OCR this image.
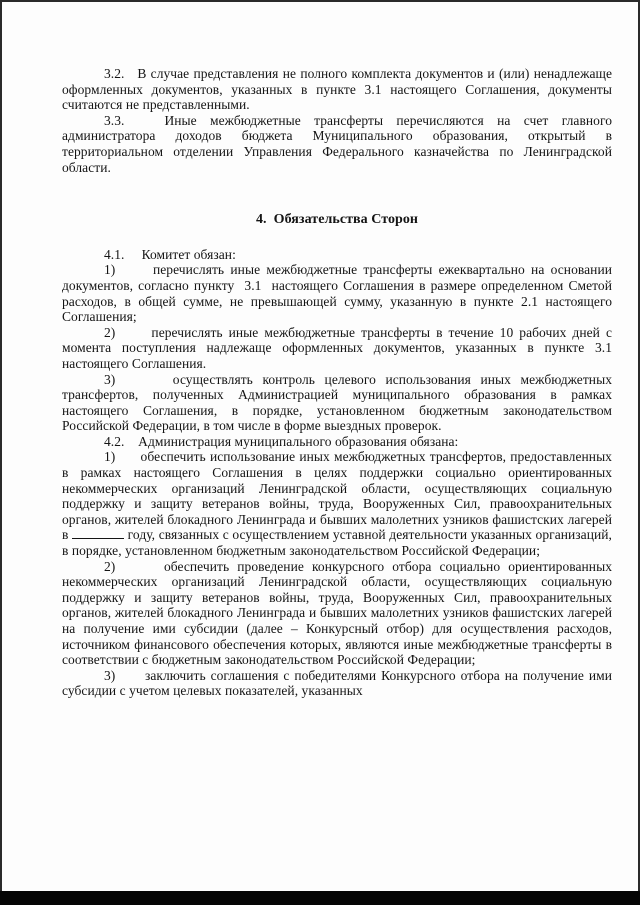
3.2.   В случае представления не полного комплекта документов и (или) ненадлежаще оформленных документов, указанных в пункте 3.1 настоящего Соглашения, документы считаются не представленными.

3.3.   Иные межбюджетные трансферты перечисляются на счет главного администратора доходов бюджета Муниципального образования, открытый в территориальном отделении Управления Федерального казначейства по Ленинградской области.

4.  Обязательства Сторон

4.1.     Комитет обязан:

1)      перечислять иные межбюджетные трансферты ежеквартально на основании документов, согласно пункту  3.1  настоящего Соглашения в размере определенном Сметой расходов, в общей сумме, не превышающей сумму, указанную в пункте 2.1 настоящего Соглашения;

2)      перечислять иные межбюджетные трансферты в течение 10 рабочих дней с момента поступления надлежаще оформленных документов, указанных в пункте 3.1 настоящего Соглашения.

3)      осуществлять контроль целевого использования иных межбюджетных трансфертов, полученных Администрацией муниципального образования в рамках настоящего Соглашения, в порядке, установленном бюджетным законодательством Российской Федерации, в том числе в форме выездных проверок.

4.2.    Администрация муниципального образования обязана:

1)      обеспечить использование иных межбюджетных трансфертов, предоставленных в рамках настоящего Соглашения в целях поддержки социально ориентированных некоммерческих организаций Ленинградской области, осуществляющих социальную поддержку и защиту ветеранов войны, труда, Вооруженных Сил, правоохранительных органов, жителей блокадного Ленинграда и бывших малолетних узников фашистских лагерей в	году, связанных с осуществлением уставной деятельности указанных организаций, в порядке, установленном бюджетным законодательством Российской Федерации;

2)      обеспечить проведение конкурсного отбора социально ориентированных некоммерческих организаций Ленинградской области, осуществляющих социальную поддержку и защиту ветеранов войны, труда, Вооруженных Сил, правоохранительных органов, жителей блокадного Ленинграда и бывших малолетних узников фашистских лагерей на получение ими субсидии (далее – Конкурсный отбор) для осуществления расходов, источником финансового обеспечения которых, являются иные межбюджетные трансферты в соответствии с бюджетным законодательством Российской Федерации;

3)      заключить соглашения с победителями Конкурсного отбора на получение ими субсидии с учетом целевых показателей, указанных
